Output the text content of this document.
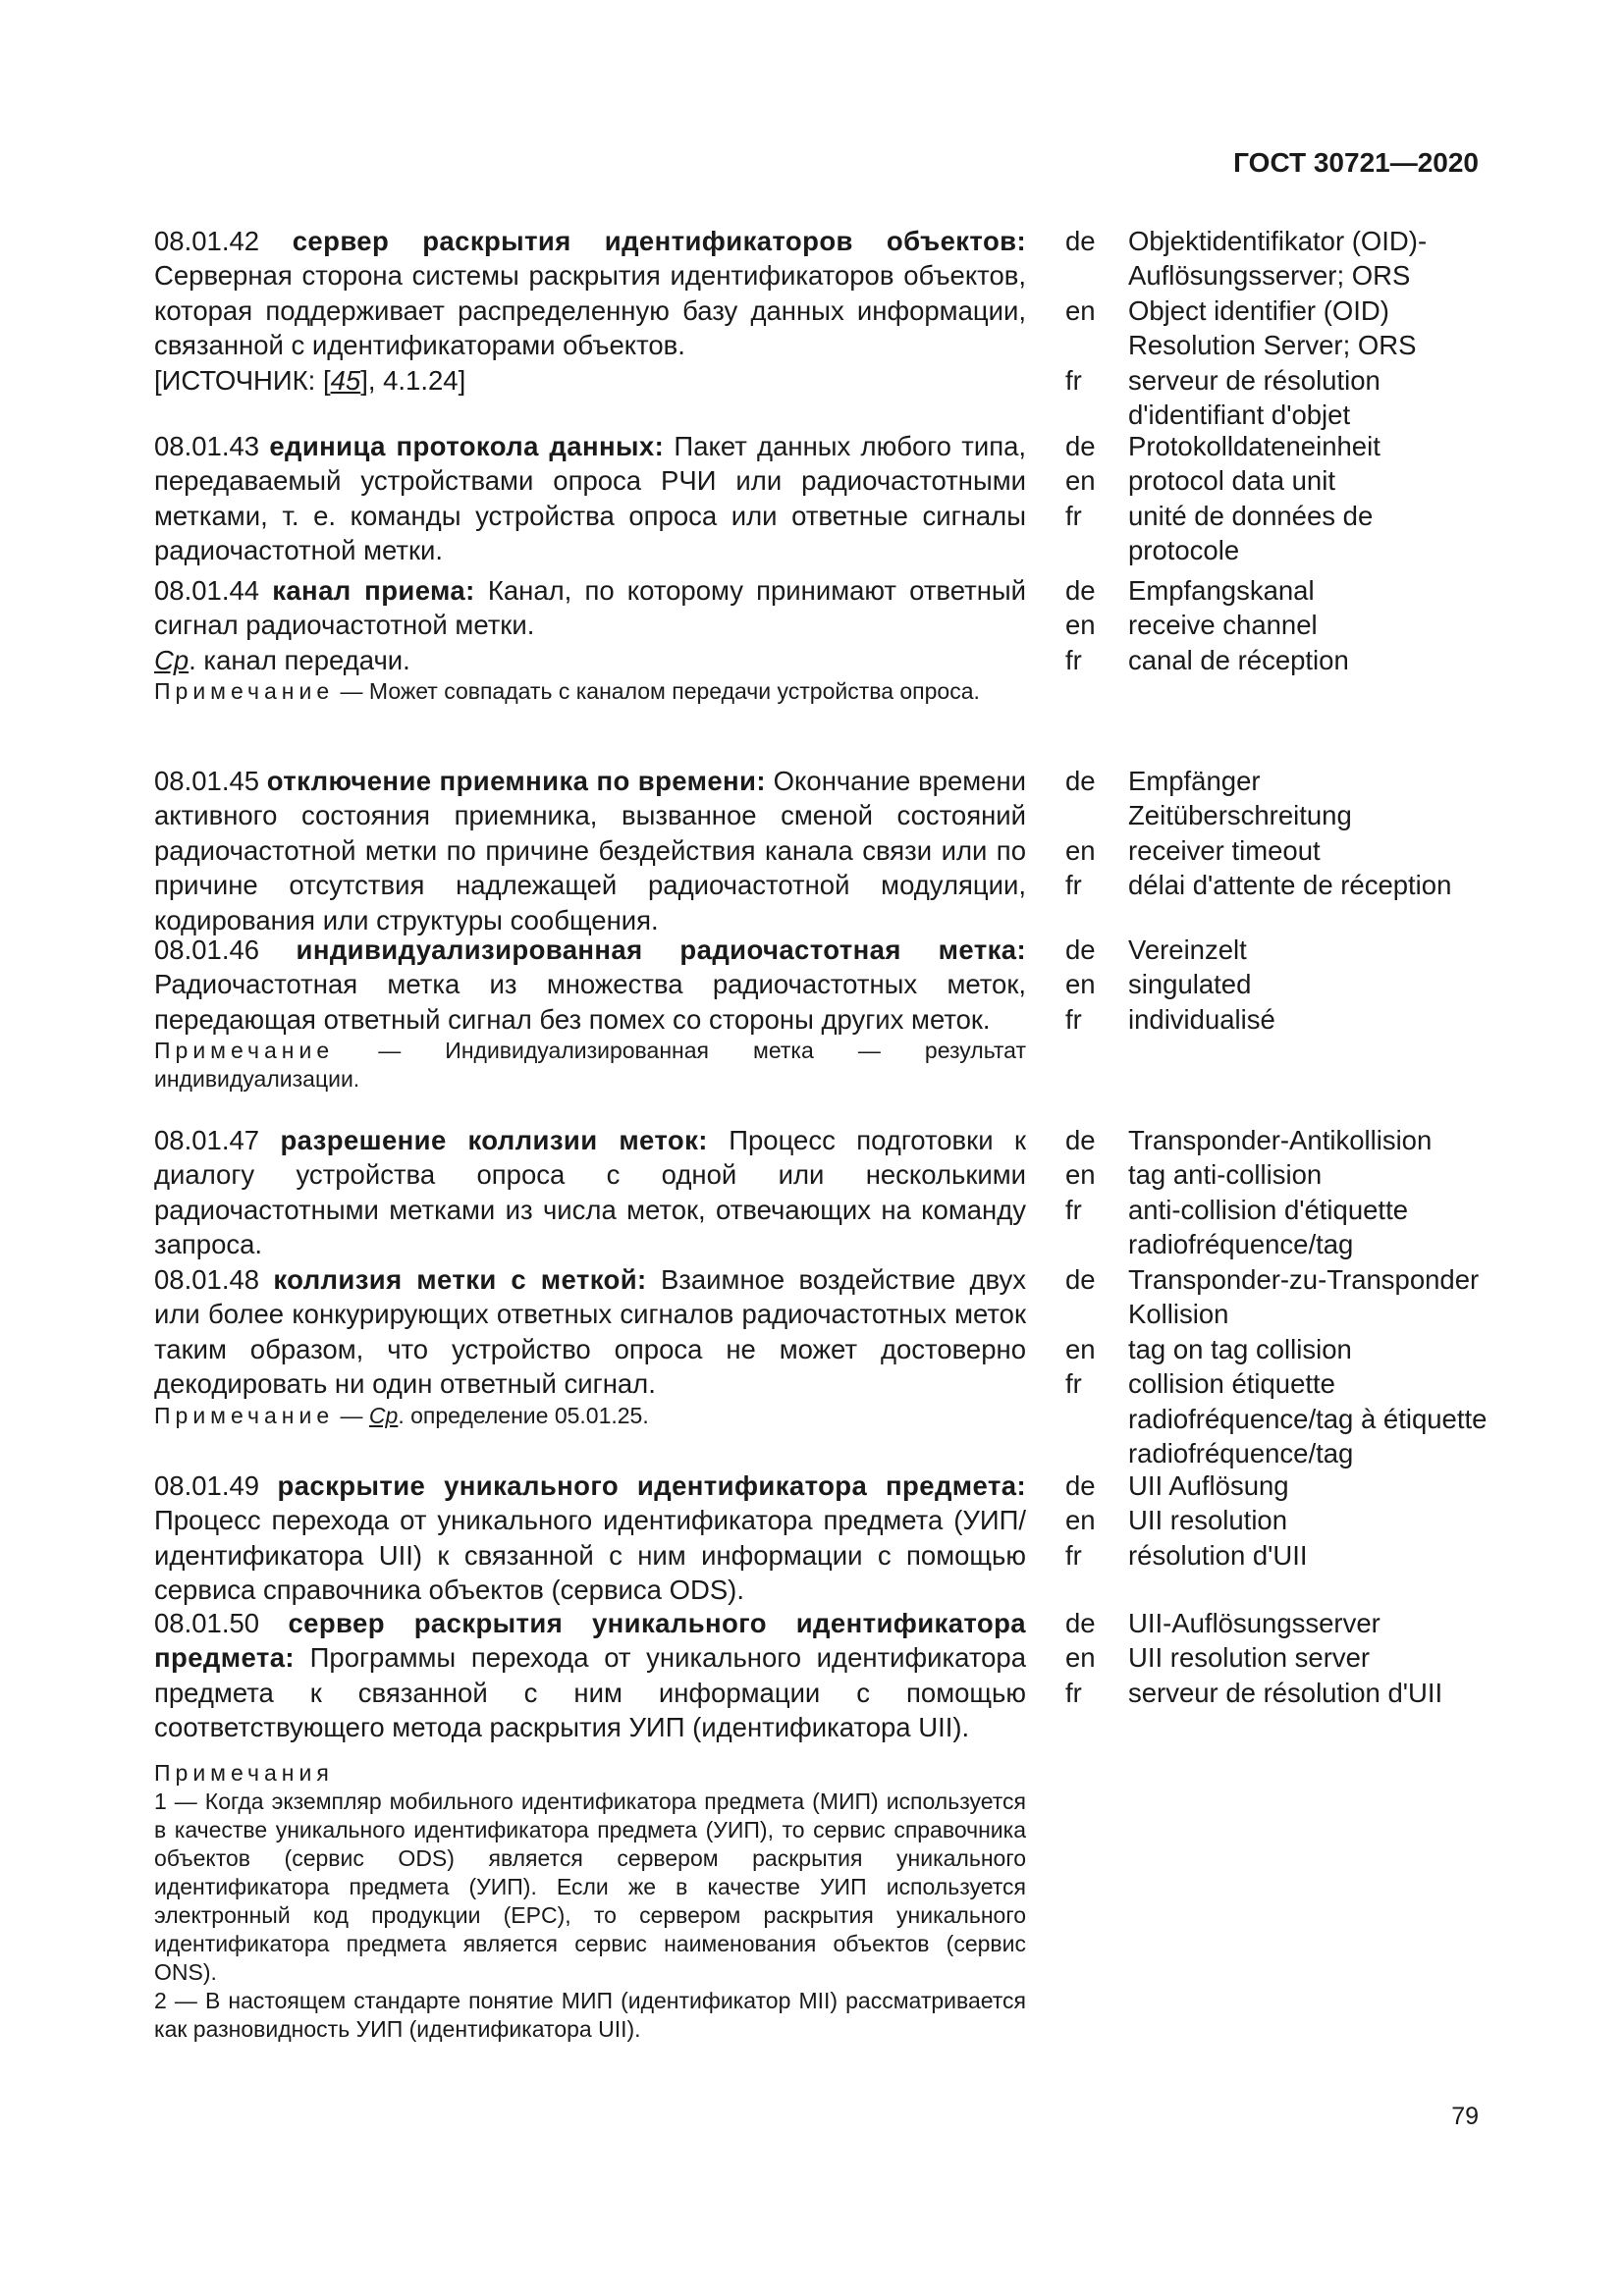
ГОСТ 30721—2020

08.01.42 сервер раскрытия идентификаторов объектов: Серверная сторона системы раскрытия идентификаторов объектов, которая поддерживает распределенную базу данных информации, связанной с идентификаторами объектов.

[ИСТОЧНИК: [45], 4.1.24]

de	Objektidentifikator (OID)-Auflösungsserver; ORS
en	Object identifier (OID) Resolution Server; ORS
fr	serveur de résolution d'identifiant d'objet

08.01.43 единица протокола данных: Пакет данных любого типа, передаваемый устройствами опроса РЧИ или радиочастотными метками, т. е. команды устройства опроса или ответные сигналы радиочастотной метки.

de	Protokolldateneinheit
en	protocol data unit
fr	unité de données de protocole

08.01.44 канал приема: Канал, по которому принимают ответный сигнал радиочастотной метки.

Ср. канал передачи.

Примечание — Может совпадать с каналом передачи устройства опроса.

de	Empfangskanal
en	receive channel
fr	canal de réception

08.01.45 отключение приемника по времени: Окончание времени активного состояния приемника, вызванное сменой состояний радиочастотной метки по причине бездействия канала связи или по причине отсутствия надлежащей радиочастотной модуляции, кодирования или структуры сообщения.

de	Empfänger Zeitüberschreitung
en	receiver timeout
fr	délai d'attente de réception

08.01.46 индивидуализированная радиочастотная метка: Радиочастотная метка из множества радиочастотных меток, передающая ответный сигнал без помех со стороны других меток.

Примечание — Индивидуализированная метка — результат индивидуализации.

de	Vereinzelt
en	singulated
fr	individualisé

08.01.47 разрешение коллизии меток: Процесс подготовки к диалогу устройства опроса с одной или несколькими радиочастотными метками из числа меток, отвечающих на команду запроса.

de	Transponder-Antikollision
en	tag anti-collision
fr	anti-collision d'étiquette radiofréquence/tag

08.01.48 коллизия метки с меткой: Взаимное воздействие двух или более конкурирующих ответных сигналов радиочастотных меток таким образом, что устройство опроса не может достоверно декодировать ни один ответный сигнал.

Примечание — Ср. определение 05.01.25.

de	Transponder-zu-Transponder Kollision
en	tag on tag collision
fr	collision étiquette radiofréquence/tag à étiquette radiofréquence/tag

08.01.49 раскрытие уникального идентификатора предмета: Процесс перехода от уникального идентификатора предмета (УИП/идентификатора UII) к связанной с ним информации с помощью сервиса справочника объектов (сервиса ODS).

de	UII Auflösung
en	UII resolution
fr	résolution d'UII

08.01.50 сервер раскрытия уникального идентификатора предмета: Программы перехода от уникального идентификатора предмета к связанной с ним информации с помощью соответствующего метода раскрытия УИП (идентификатора UII).

Примечания

1 — Когда экземпляр мобильного идентификатора предмета (МИП) используется в качестве уникального идентификатора предмета (УИП), то сервис справочника объектов (сервис ODS) является сервером раскрытия уникального идентификатора предмета (УИП). Если же в качестве УИП используется электронный код продукции (EPC), то сервером раскрытия уникального идентификатора предмета является сервис наименования объектов (сервис ONS).

2 — В настоящем стандарте понятие МИП (идентификатор MII) рассматривается как разновидность УИП (идентификатора UII).

de	UII-Auflösungsserver
en	UII resolution server
fr	serveur de résolution d'UII
79
